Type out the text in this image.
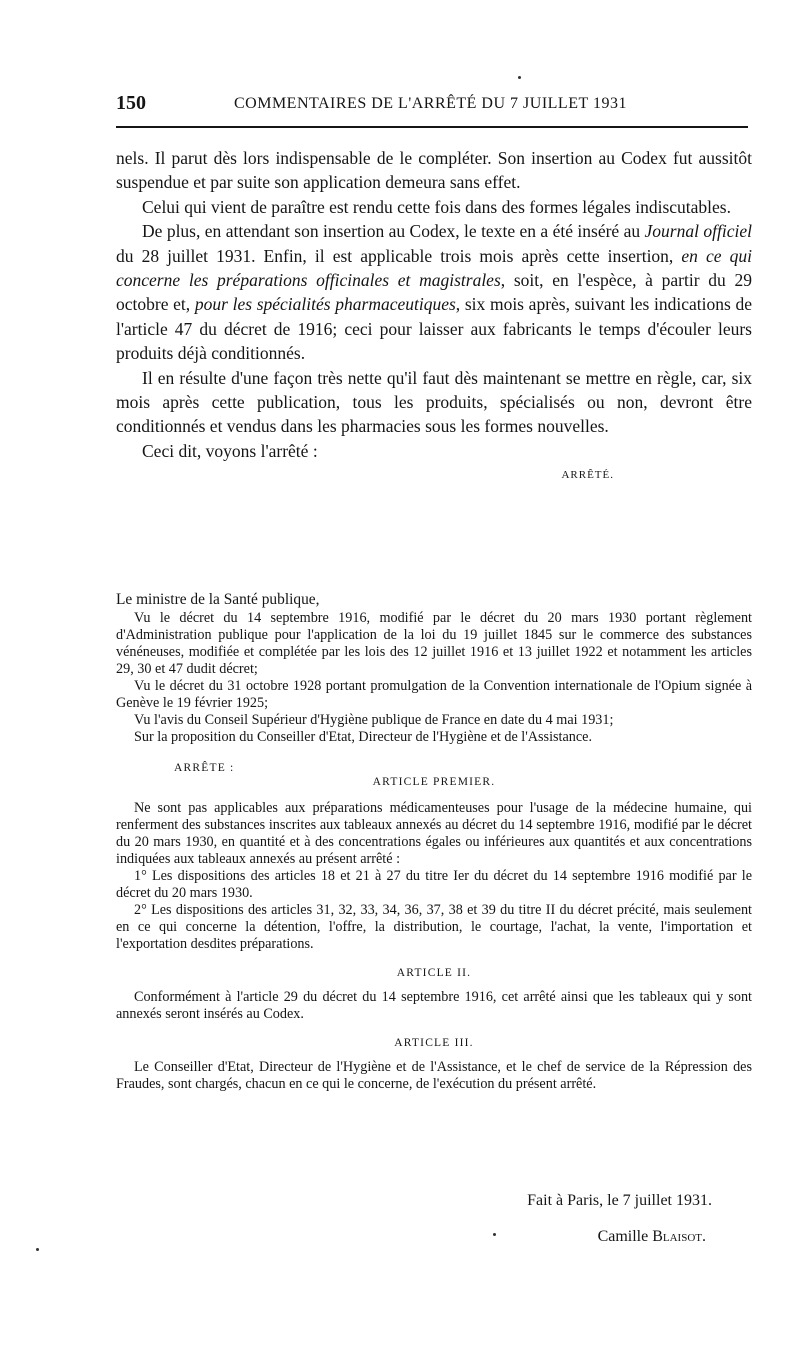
150	COMMENTAIRES DE L'ARRÊTÉ DU 7 JUILLET 1931

nels. Il parut dès lors indispensable de le compléter. Son insertion au Codex fut aussitôt suspendue et par suite son application demeura sans effet.

Celui qui vient de paraître est rendu cette fois dans des formes légales indiscutables.

De plus, en attendant son insertion au Codex, le texte en a été inséré au Journal officiel du 28 juillet 1931. Enfin, il est applicable trois mois après cette insertion, en ce qui concerne les préparations officinales et magistrales, soit, en l'espèce, à partir du 29 octobre et, pour les spécialités pharmaceutiques, six mois après, suivant les indications de l'article 47 du décret de 1916; ceci pour laisser aux fabricants le temps d'écouler leurs produits déjà conditionnés.

Il en résulte d'une façon très nette qu'il faut dès maintenant se mettre en règle, car, six mois après cette publication, tous les produits, spécialisés ou non, devront être conditionnés et vendus dans les pharmacies sous les formes nouvelles.

Ceci dit, voyons l'arrêté :

ARRÊTÉ.

Le ministre de la Santé publique,

Vu le décret du 14 septembre 1916, modifié par le décret du 20 mars 1930 portant règlement d'Administration publique pour l'application de la loi du 19 juillet 1845 sur le commerce des substances vénéneuses, modifiée et complétée par les lois des 12 juillet 1916 et 13 juillet 1922 et notamment les articles 29, 30 et 47 dudit décret;

Vu le décret du 31 octobre 1928 portant promulgation de la Convention internationale de l'Opium signée à Genève le 19 février 1925;

Vu l'avis du Conseil Supérieur d'Hygiène publique de France en date du 4 mai 1931;

Sur la proposition du Conseiller d'Etat, Directeur de l'Hygiène et de l'Assistance.

ARRÊTE :

ARTICLE PREMIER.

Ne sont pas applicables aux préparations médicamenteuses pour l'usage de la médecine humaine, qui renferment des substances inscrites aux tableaux annexés au décret du 14 septembre 1916, modifié par le décret du 20 mars 1930, en quantité et à des concentrations égales ou inférieures aux quantités et aux concentrations indiquées aux tableaux annexés au présent arrêté :

1° Les dispositions des articles 18 et 21 à 27 du titre Ier du décret du 14 septembre 1916 modifié par le décret du 20 mars 1930.

2° Les dispositions des articles 31, 32, 33, 34, 36, 37, 38 et 39 du titre II du décret précité, mais seulement en ce qui concerne la détention, l'offre, la distribution, le courtage, l'achat, la vente, l'importation et l'exportation desdites préparations.

ARTICLE II.

Conformément à l'article 29 du décret du 14 septembre 1916, cet arrêté ainsi que les tableaux qui y sont annexés seront insérés au Codex.

ARTICLE III.

Le Conseiller d'Etat, Directeur de l'Hygiène et de l'Assistance, et le chef de service de la Répression des Fraudes, sont chargés, chacun en ce qui le concerne, de l'exécution du présent arrêté.

Fait à Paris, le 7 juillet 1931.

Camille Blaisot.
